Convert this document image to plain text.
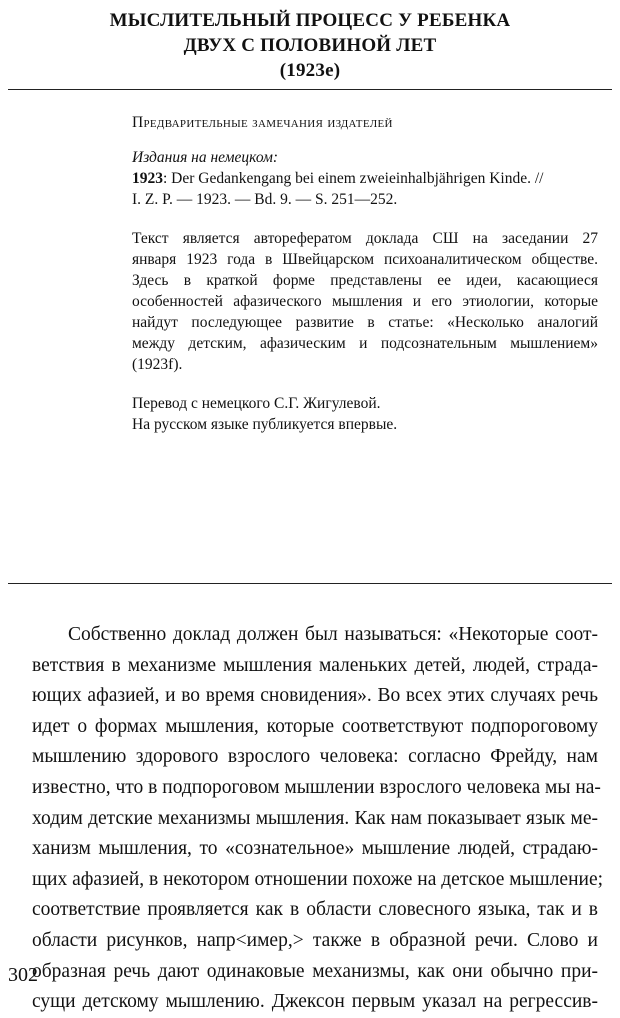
МЫСЛИТЕЛЬНЫЙ ПРОЦЕСС У РЕБЕНКА
ДВУХ С ПОЛОВИНОЙ ЛЕТ
(1923е)
Предварительные замечания издателей
Издания на немецком:
1923: Der Gedankengang bei einem zweieinhalbjährigen Kinde. //
I. Z. P. — 1923. — Bd. 9. — S. 251—252.
Текст является авторефератом доклада СШ на заседании 27
января 1923 года в Швейцарском психоаналитическом обществе.
Здесь в краткой форме представлены ее идеи, касающиеся
особенностей афазического мышления и его этиологии, которые
найдут последующее развитие в статье: «Несколько аналогий
между детским, афазическим и подсознательным мышлением»
(1923f).
Перевод с немецкого С.Г. Жигулевой.
На русском языке публикуется впервые.
Собственно доклад должен был называться: «Некоторые соот-
ветствия в механизме мышления маленьких детей, людей, страда-
ющих афазией, и во время сновидения». Во всех этих случаях речь
идет о формах мышления, которые соответствуют подпороговому
мышлению здорового взрослого человека: согласно Фрейду, нам
известно, что в подпороговом мышлении взрослого человека мы на-
ходим детские механизмы мышления. Как нам показывает язык ме-
ханизм мышления, то «сознательное» мышление людей, страдаю-
щих афазией, в некотором отношении похоже на детское мышление;
соответствие проявляется как в области словесного языка, так и в
области рисунков, напр<имер,> также в образной речи. Слово и
образная речь дают одинаковые механизмы, как они обычно при-
сущи детскому мышлению. Джексон первым указал на регрессив-
302
